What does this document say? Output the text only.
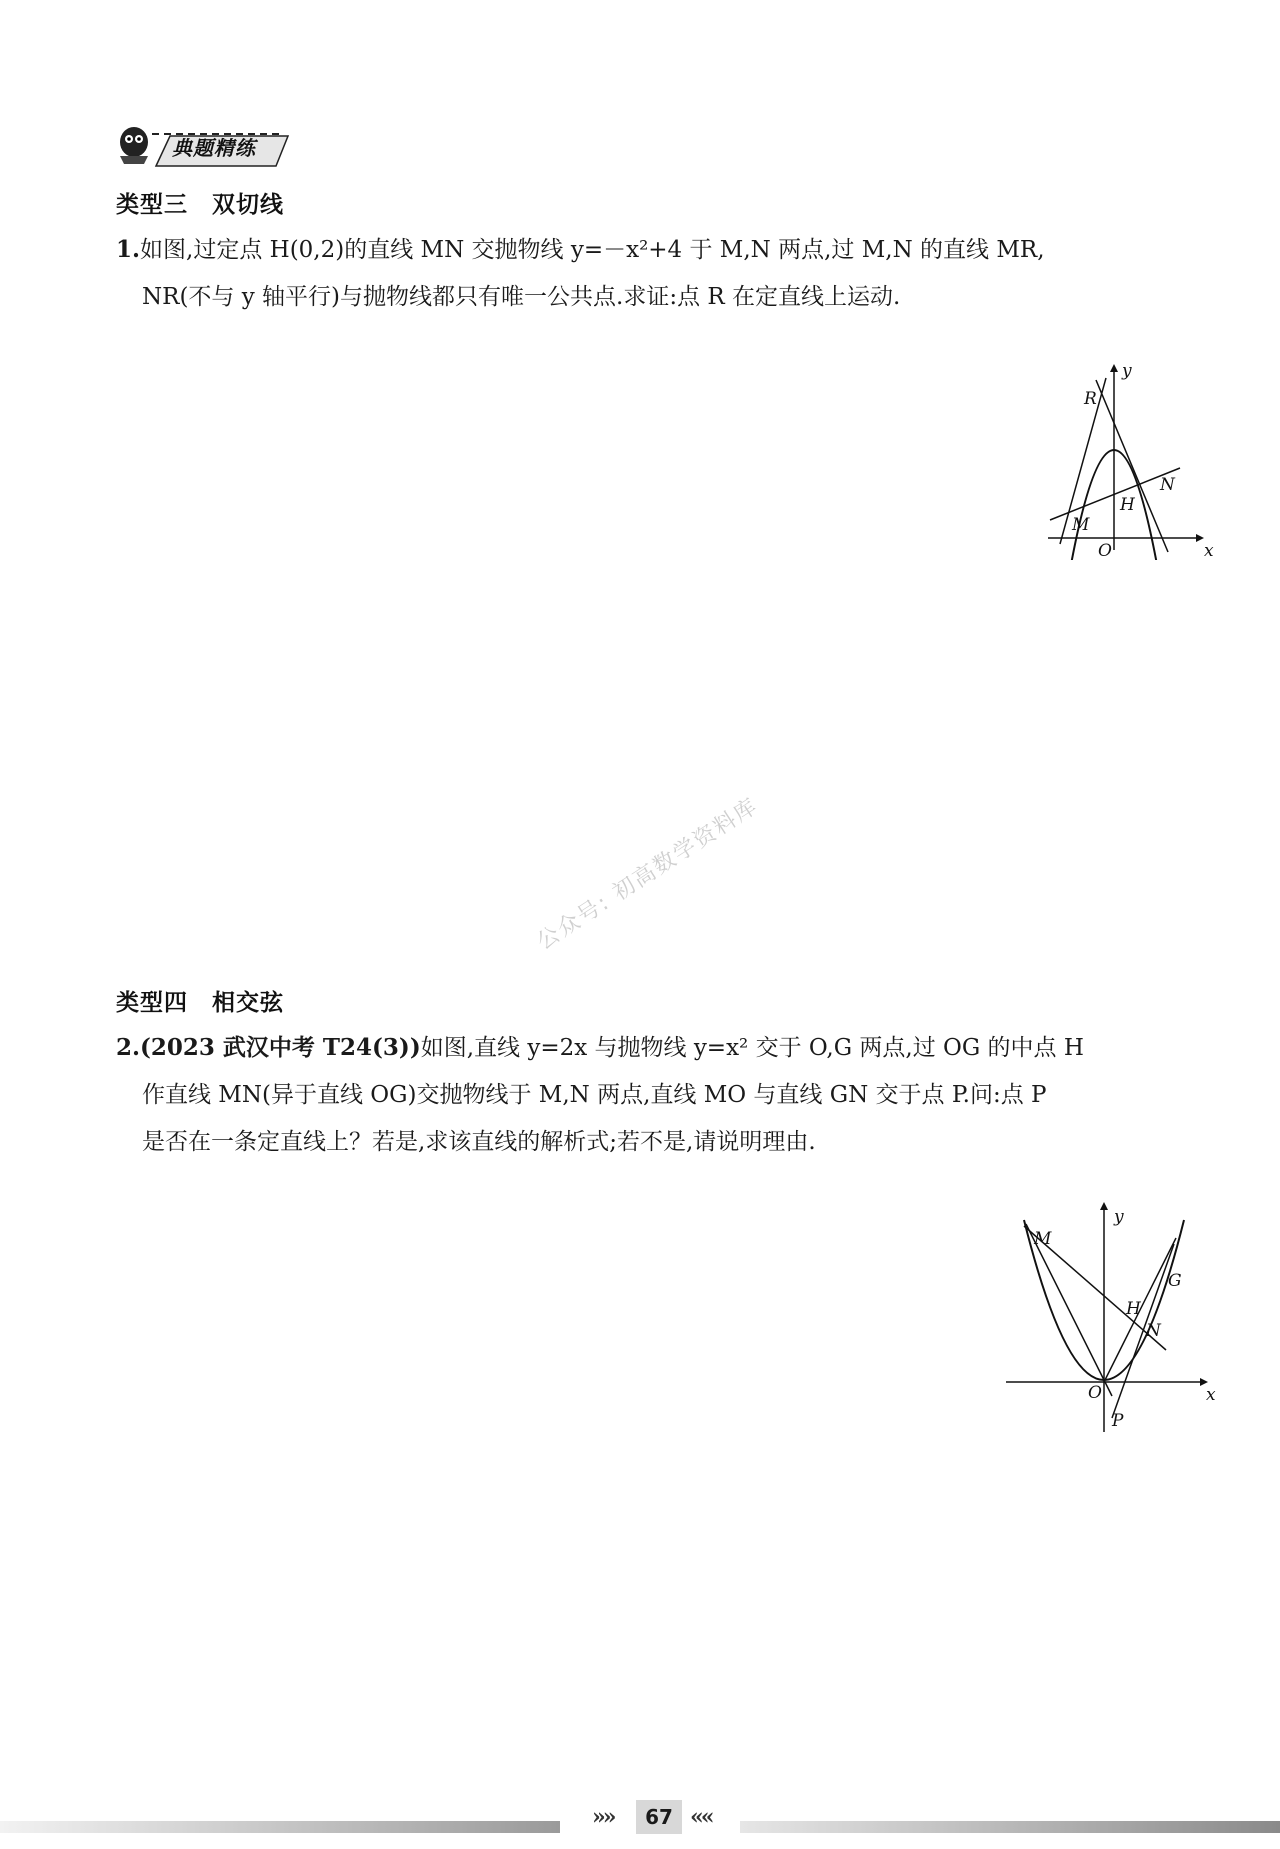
典题精练
类型三　双切线
1.如图,过定点 H(0,2)的直线 MN 交抛物线 y=－x²+4 于 M,N 两点,过 M,N 的直线 MR,
NR(不与 y 轴平行)与抛物线都只有唯一公共点.求证:点 R 在定直线上运动.
y
x
R
N
H
M
O
公众号: 初高数学资料库
类型四　相交弦
2.(2023 武汉中考 T24(3))如图,直线 y=2x 与抛物线 y=x² 交于 O,G 两点,过 OG 的中点 H
作直线 MN(异于直线 OG)交抛物线于 M,N 两点,直线 MO 与直线 GN 交于点 P.问:点 P
是否在一条定直线上？若是,求该直线的解析式;若不是,请说明理由.
y
x
M
G
H
N
O
P
»»	67 ««
